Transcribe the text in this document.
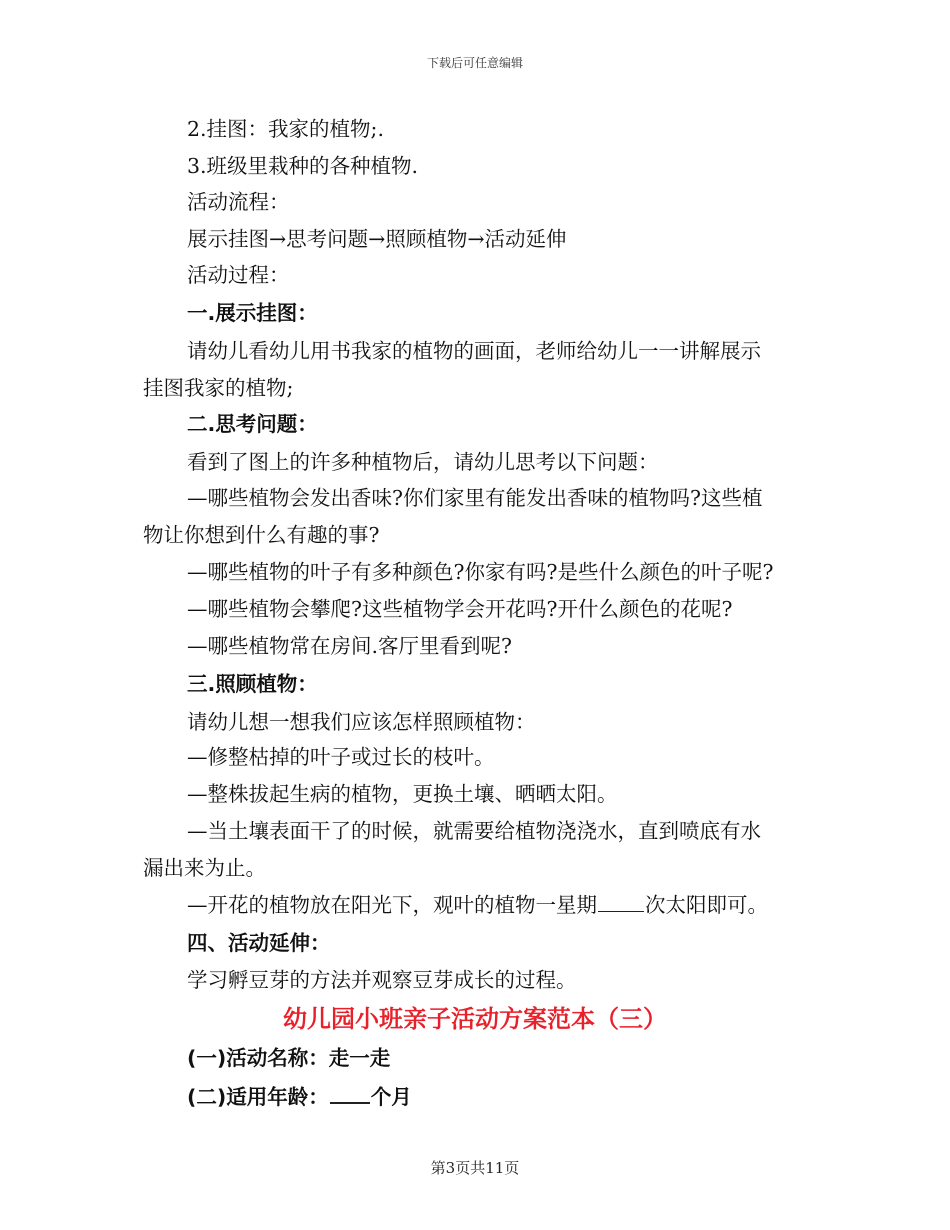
下载后可任意编辑
2.挂图：我家的植物;.
3.班级里栽种的各种植物.
活动流程：
展示挂图→思考问题→照顾植物→活动延伸
活动过程：
一.展示挂图：
请幼儿看幼儿用书我家的植物的画面，老师给幼儿一一讲解展示
挂图我家的植物;
二.思考问题：
看到了图上的许多种植物后，请幼儿思考以下问题：
—哪些植物会发出香味?你们家里有能发出香味的植物吗?这些植
物让你想到什么有趣的事?
—哪些植物的叶子有多种颜色?你家有吗?是些什么颜色的叶子呢?
—哪些植物会攀爬?这些植物学会开花吗?开什么颜色的花呢?
—哪些植物常在房间.客厅里看到呢?
三.照顾植物：
请幼儿想一想我们应该怎样照顾植物：
—修整枯掉的叶子或过长的枝叶。
—整株拔起生病的植物，更换土壤、晒晒太阳。
—当土壤表面干了的时候，就需要给植物浇浇水，直到喷底有水
漏出来为止。
—开花的植物放在阳光下，观叶的植物一星期 次太阳即可。
四、活动延伸：
学习孵豆芽的方法并观察豆芽成长的过程。
幼儿园小班亲子活动方案范本（三）
(一)活动名称：走一走
(二)适用年龄： 个月
第3页共11页
